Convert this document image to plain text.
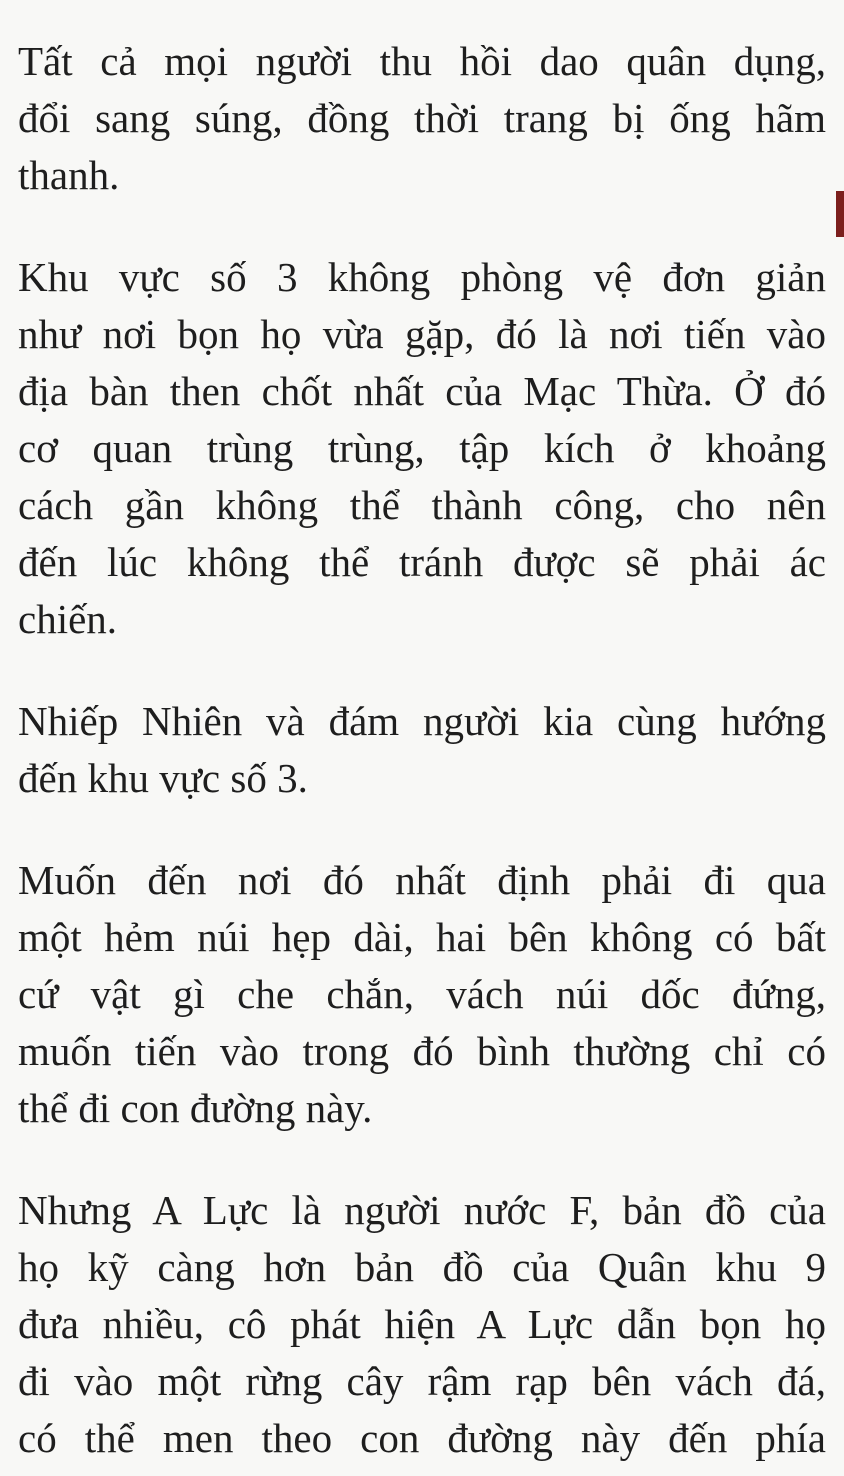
Tất cả mọi người thu hồi dao quân dụng,
đổi sang súng, đồng thời trang bị ống hãm
thanh.
Khu vực số 3 không phòng vệ đơn giản
như nơi bọn họ vừa gặp, đó là nơi tiến vào
địa bàn then chốt nhất của Mạc Thừa. Ở đó
cơ quan trùng trùng, tập kích ở khoảng
cách gần không thể thành công, cho nên
đến lúc không thể tránh được sẽ phải ác
chiến.
Nhiếp Nhiên và đám người kia cùng hướng
đến khu vực số 3.
Muốn đến nơi đó nhất định phải đi qua
một hẻm núi hẹp dài, hai bên không có bất
cứ vật gì che chắn, vách núi dốc đứng,
muốn tiến vào trong đó bình thường chỉ có
thể đi con đường này.
Nhưng A Lực là người nước F, bản đồ của
họ kỹ càng hơn bản đồ của Quân khu 9
đưa nhiều, cô phát hiện A Lực dẫn bọn họ
đi vào một rừng cây rậm rạp bên vách đá,
có thể men theo con đường này đến phía
